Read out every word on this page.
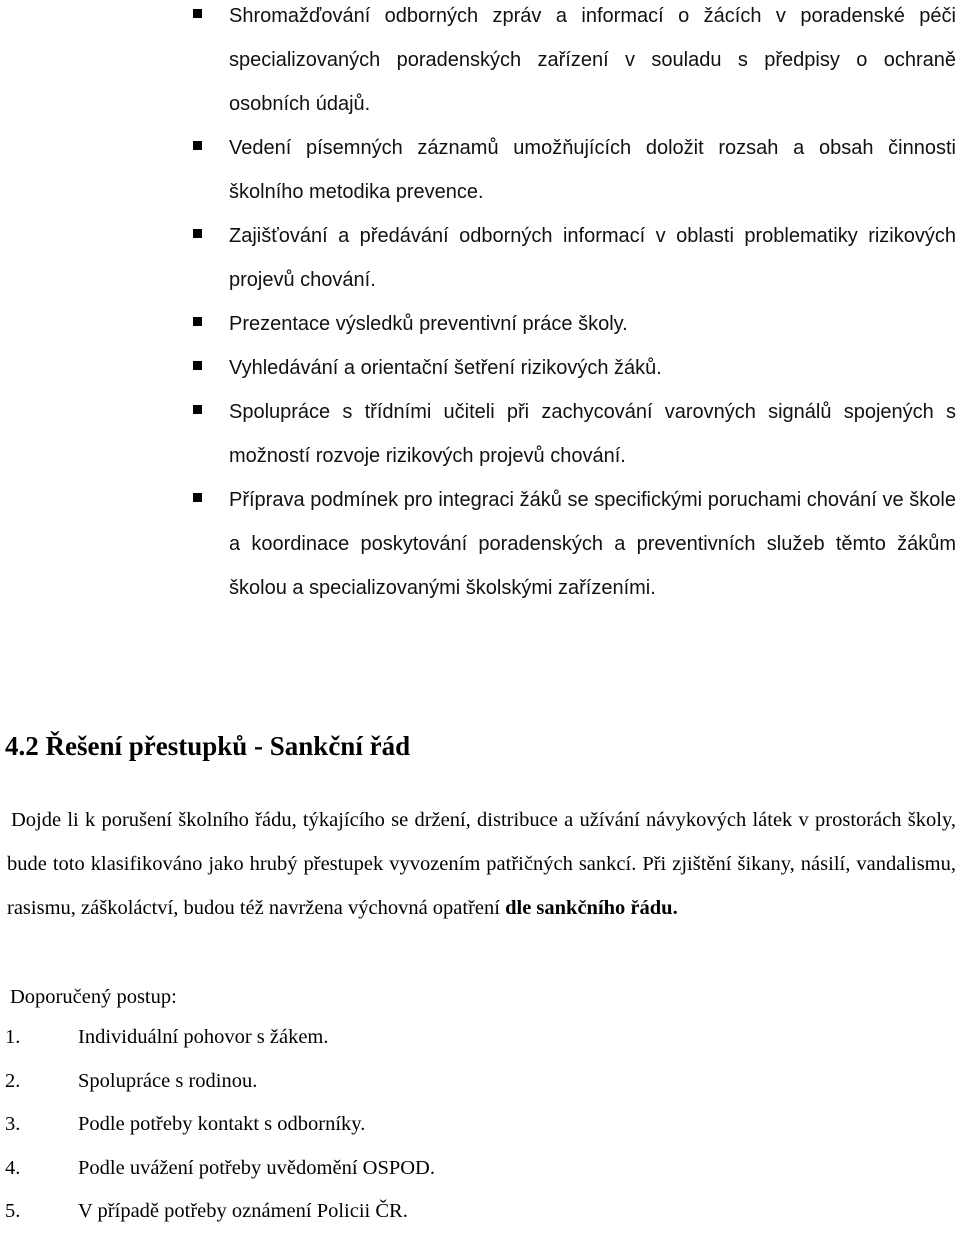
Shromažďování odborných zpráv a informací o žácích v poradenské péči specializovaných poradenských zařízení v souladu s předpisy o ochraně osobních údajů.
Vedení písemných záznamů umožňujících doložit rozsah a obsah činnosti školního metodika prevence.
Zajišťování a předávání odborných informací v oblasti problematiky rizikových projevů chování.
Prezentace výsledků preventivní práce školy.
Vyhledávání a orientační šetření rizikových žáků.
Spolupráce s třídními učiteli při zachycování varovných signálů spojených s možností rozvoje rizikových projevů chování.
Příprava podmínek pro integraci žáků se specifickými poruchami chování ve škole a koordinace poskytování poradenských a preventivních služeb těmto žákům školou a specializovanými školskými zařízeními.
4.2 Řešení přestupků - Sankční řád

Dojde li k porušení školního řádu, týkajícího se držení, distribuce a užívání návykových látek v prostorách školy, bude toto klasifikováno jako hrubý přestupek vyvozením patřičných sankcí. Při zjištění šikany, násilí, vandalismu, rasismu, záškoláctví, budou též navržena výchovná opatření dle sankčního řádu.

Doporučený postup:

1.	Individuální pohovor s žákem.
2.	Spolupráce s rodinou.
3.	Podle potřeby kontakt s odborníky.
4.	Podle uvážení potřeby uvědomění OSPOD.
5.	V případě potřeby oznámení Policii ČR.
